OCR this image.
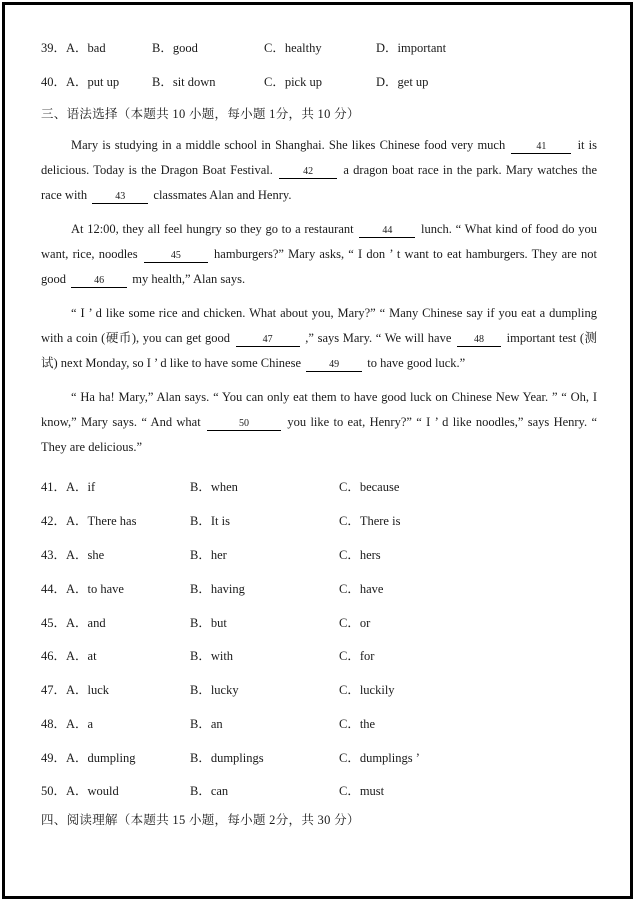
39． A．bad	B．good	C．healthy	D．important
40． A．put up	B．sit down	C．pick up	D．get up
三、语法选择（本题共 10 小题，每小题 1分，共 10 分）

Mary is studying in a middle school in Shanghai. She likes Chinese food very much	41 it is delicious. Today is the Dragon Boat Festival.	42 a dragon boat race in the park. Mary watches the race with	43 classmates Alan and Henry.

At 12:00, they all feel hungry so they go to a restaurant	44 lunch. “ What kind of food do you want, rice, noodles	45	hamburgers?” Mary asks, “ I don ’ t want to eat hamburgers. They are not good	46 my health,” Alan says.

“ I ’ d like some rice and chicken. What about you, Mary?” “ Many Chinese say if you eat a dumpling with a coin (硬币), you can get good	47	,” says Mary. “ We will have 48 important test (测试) next Monday, so I ’ d like to have some Chinese	49 to have good luck.”

“ Ha ha! Mary,” Alan says. “ You can only eat them to have good luck on Chinese New Year. ” “ Oh, I know,” Mary says. “ And what	50	you like to eat, Henry?” “ I ’ d like noodles,” says Henry. “ They are delicious.”

41． A．if	B．when	C．because
42． A．There has	B．It is	C．There is
43． A．she	B．her	C．hers
44． A．to have	B．having	C．have
45． A．and	B．but	C．or
46． A．at	B．with	C．for
47． A．luck	B．lucky	C．luckily
48． A．a	B．an	C．the
49． A．dumpling	B．dumplings	C．dumplings ’
50． A．would	B．can	C．must
四、阅读理解（本题共 15 小题，每小题 2分，共 30 分）
